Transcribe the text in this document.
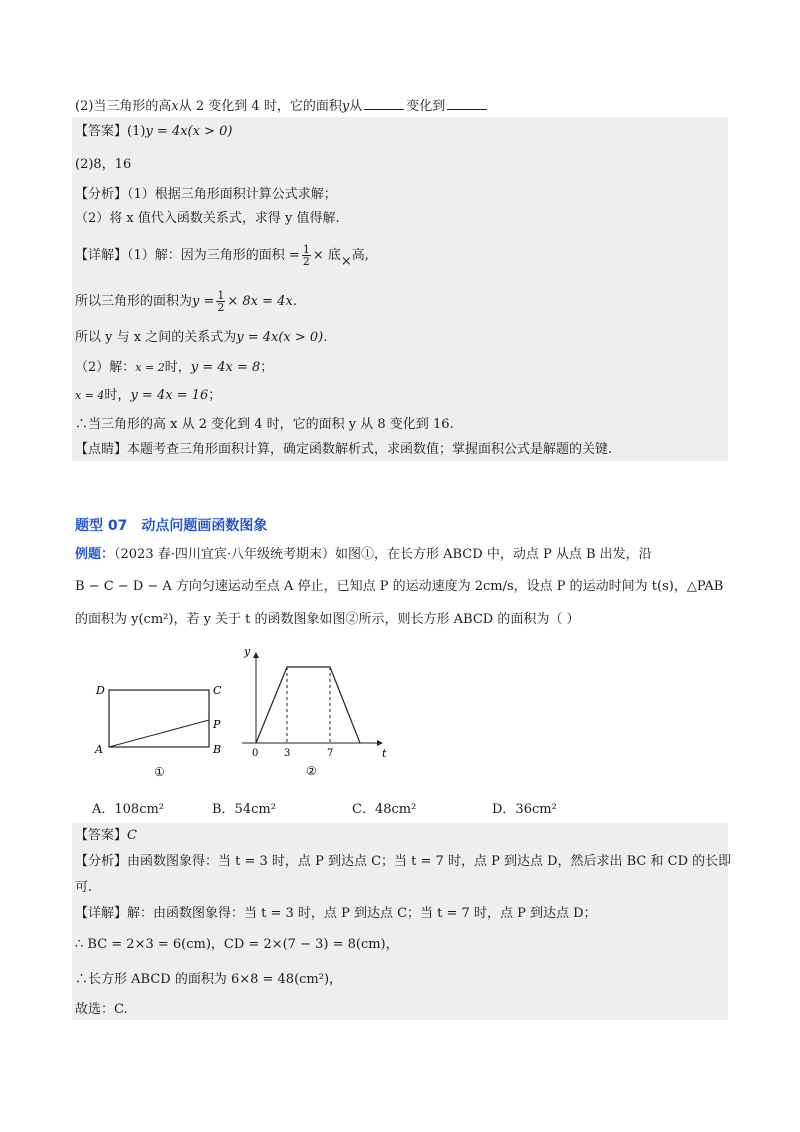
(2)当三角形的高x从 2 变化到 4 时，它的面积y从	变化到
【答案】(1)y = 4x(x > 0)
(2)8，16
【分析】（1）根据三角形面积计算公式求解；
（2）将 x 值代入函数关系式，求得 y 值得解.
【详解】（1）解：因为三角形的面积 = $\frac{1}{2}$ × 底×高,
所以三角形的面积为$y = \frac{1}{2} \times 8x = 4x$.
所以 y 与 x 之间的关系式为y = 4x(x > 0).
（2）解：x = 2时，y = 4x = 8；
x = 4时，y = 4x = 16；
∴当三角形的高 x 从 2 变化到 4 时，它的面积 y 从 8 变化到 16.
【点睛】本题考查三角形面积计算，确定函数解析式，求函数值；掌握面积公式是解题的关键.
题型 07 动点问题画函数图象
例题：（2023 春·四川宜宾·八年级统考期末）如图①，在长方形 ABCD 中，动点 P 从点 B 出发，沿
B − C − D − A 方向匀速运动至点 A 停止，已知点 P 的运动速度为 2cm/s，设点 P 的运动时间为 t(s)，△PAB
的面积为 y(cm²)，若 y 关于 t 的函数图象如图②所示，则长方形 ABCD 的面积为（ ）
D	C
P
A	B
①
y
t
0	3	7
②
A．108cm²	B．54cm²	C．48cm²	D．36cm²
【答案】C
【分析】由函数图象得：当 t = 3 时，点 P 到达点 C；当 t = 7 时，点 P 到达点 D，然后求出 BC 和 CD 的长即
可.
【详解】解：由函数图象得：当 t = 3 时，点 P 到达点 C；当 t = 7 时，点 P 到达点 D；
∴ BC = 2×3 = 6(cm)，CD = 2×(7 − 3) = 8(cm)，
∴长方形 ABCD 的面积为 6×8 = 48(cm²)，
故选：C.
